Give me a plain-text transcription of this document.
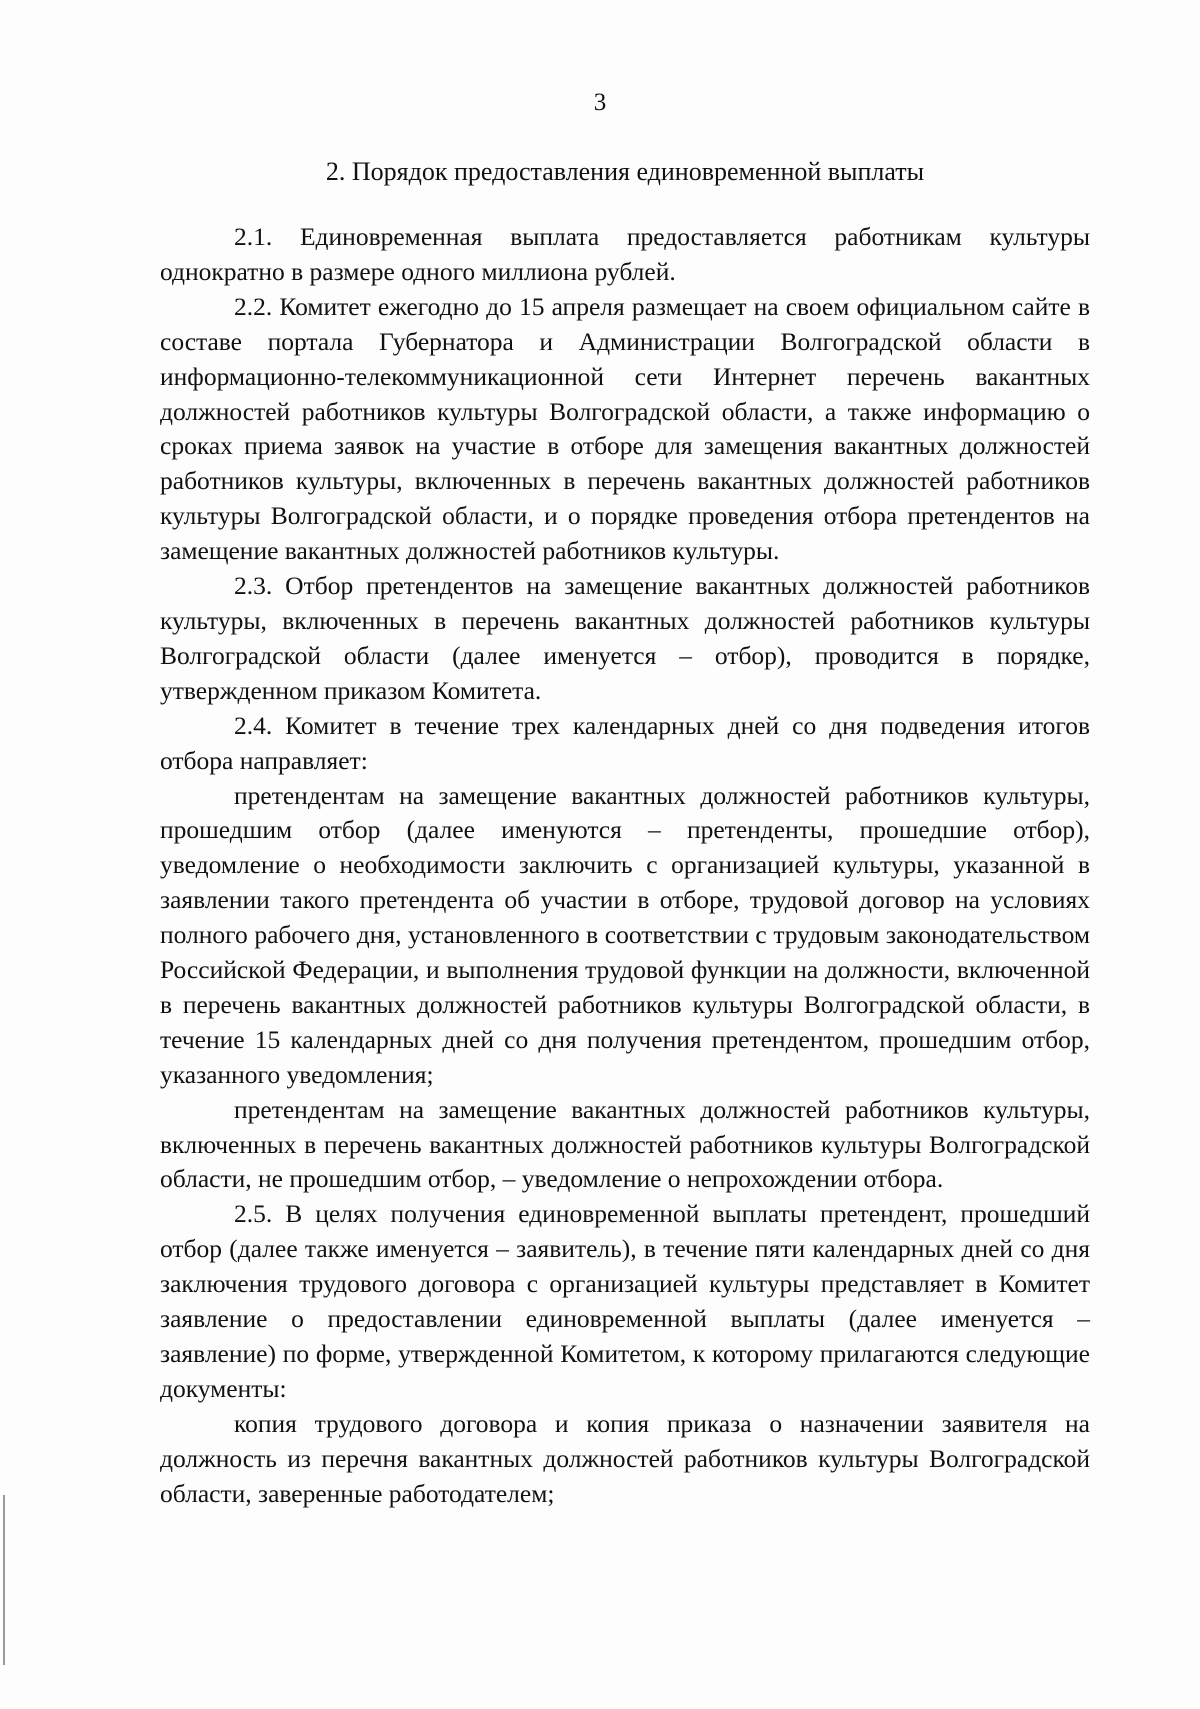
3
2. Порядок предоставления единовременной выплаты

2.1. Единовременная выплата предоставляется работникам культуры однократно в размере одного миллиона рублей.

2.2. Комитет ежегодно до 15 апреля размещает на своем официальном сайте в составе портала Губернатора и Администрации Волгоградской области в информационно-телекоммуникационной сети Интернет перечень вакантных должностей работников культуры Волгоградской области, а также информацию о сроках приема заявок на участие в отборе для замещения вакантных должностей работников культуры, включенных в перечень вакантных должностей работников культуры Волгоградской области, и о порядке проведения отбора претендентов на замещение вакантных должностей работников культуры.

2.3. Отбор претендентов на замещение вакантных должностей работников культуры, включенных в перечень вакантных должностей работников культуры Волгоградской области (далее именуется – отбор), проводится в порядке, утвержденном приказом Комитета.

2.4. Комитет в течение трех календарных дней со дня подведения итогов отбора направляет:

претендентам на замещение вакантных должностей работников культуры, прошедшим отбор (далее именуются – претенденты, прошедшие отбор), уведомление о необходимости заключить с организацией культуры, указанной в заявлении такого претендента об участии в отборе, трудовой договор на условиях полного рабочего дня, установленного в соответствии с трудовым законодательством Российской Федерации, и выполнения трудовой функции на должности, включенной в перечень вакантных должностей работников культуры Волгоградской области, в течение 15 календарных дней со дня получения претендентом, прошедшим отбор, указанного уведомления;

претендентам на замещение вакантных должностей работников культуры, включенных в перечень вакантных должностей работников культуры Волгоградской области, не прошедшим отбор, – уведомление о непрохождении отбора.

2.5. В целях получения единовременной выплаты претендент, прошедший отбор (далее также именуется – заявитель), в течение пяти календарных дней со дня заключения трудового договора с организацией культуры представляет в Комитет заявление о предоставлении единовременной выплаты (далее именуется – заявление) по форме, утвержденной Комитетом, к которому прилагаются следующие документы:

копия трудового договора и копия приказа о назначении заявителя на должность из перечня вакантных должностей работников культуры Волгоградской области, заверенные работодателем;
